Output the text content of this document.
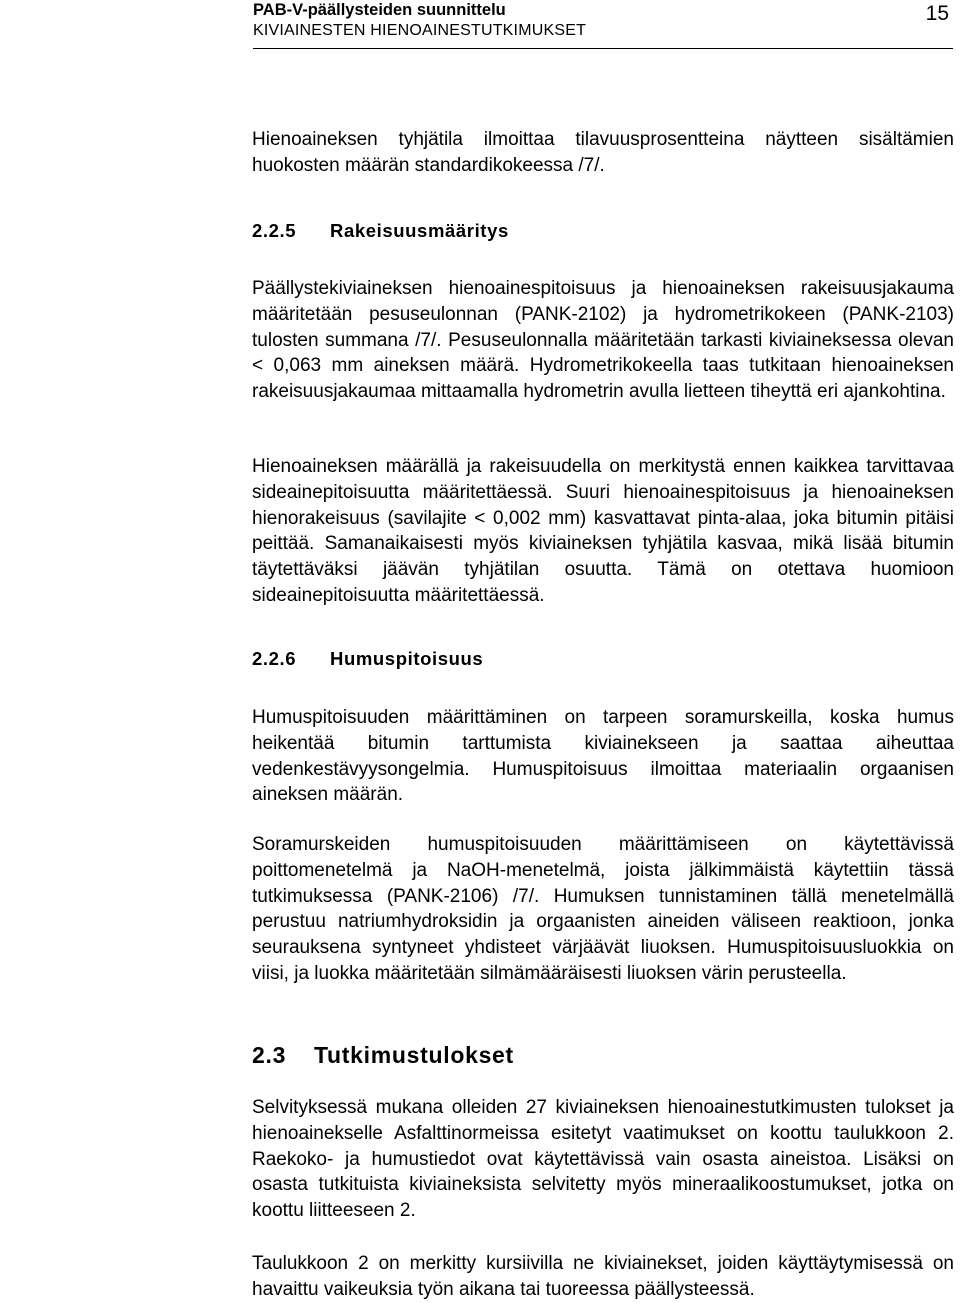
PAB-V-päällysteiden suunnittelu
KIVIAINESTEN HIENOAINESTUTKIMUKSET
15

Hienoaineksen tyhjätila ilmoittaa tilavuusprosentteina näytteen sisältämien huokosten määrän standardikokeessa /7/.

2.2.5 Rakeisuusmääritys

Päällystekiviaineksen hienoainespitoisuus ja hienoaineksen rakeisuusjakauma määritetään pesuseulonnan (PANK-2102) ja hydrometrikokeen (PANK-2103) tulosten summana /7/. Pesuseulonnalla määritetään tarkasti kiviaineksessa olevan < 0,063 mm aineksen määrä. Hydrometrikokeella taas tutkitaan hienoaineksen rakeisuusjakaumaa mittaamalla hydrometrin avulla lietteen tiheyttä eri ajankohtina.

Hienoaineksen määrällä ja rakeisuudella on merkitystä ennen kaikkea tarvittavaa sideainepitoisuutta määritettäessä. Suuri hienoainespitoisuus ja hienoaineksen hienorakeisuus (savilajite < 0,002 mm) kasvattavat pinta-alaa, joka bitumin pitäisi peittää. Samanaikaisesti myös kiviaineksen tyhjätila kasvaa, mikä lisää bitumin täytettäväksi jäävän tyhjätilan osuutta. Tämä on otettava huomioon sideainepitoisuutta määritettäessä.

2.2.6 Humuspitoisuus

Humuspitoisuuden määrittäminen on tarpeen soramurskeilla, koska humus heikentää bitumin tarttumista kiviainekseen ja saattaa aiheuttaa vedenkestävyysongelmia. Humuspitoisuus ilmoittaa materiaalin orgaanisen aineksen määrän.

Soramurskeiden humuspitoisuuden määrittämiseen on käytettävissä poittomenetelmä ja NaOH-menetelmä, joista jälkimmäistä käytettiin tässä tutkimuksessa (PANK-2106) /7/. Humuksen tunnistaminen tällä menetelmällä perustuu natriumhydroksidin ja orgaanisten aineiden väliseen reaktioon, jonka seurauksena syntyneet yhdisteet värjäävät liuoksen. Humuspitoisuusluokkia on viisi, ja luokka määritetään silmämääräisesti liuoksen värin perusteella.

2.3 Tutkimustulokset

Selvityksessä mukana olleiden 27 kiviaineksen hienoainestutkimusten tulokset ja hienoainekselle Asfalttinormeissa esitetyt vaatimukset on koottu taulukkoon 2. Raekoko- ja humustiedot ovat käytettävissä vain osasta aineistoa. Lisäksi on osasta tutkituista kiviaineksista selvitetty myös mineraalikoostumukset, jotka on koottu liitteeseen 2.

Taulukkoon 2 on merkitty kursiivilla ne kiviainekset, joiden käyttäytymisessä on havaittu vaikeuksia työn aikana tai tuoreessa päällysteessä.
